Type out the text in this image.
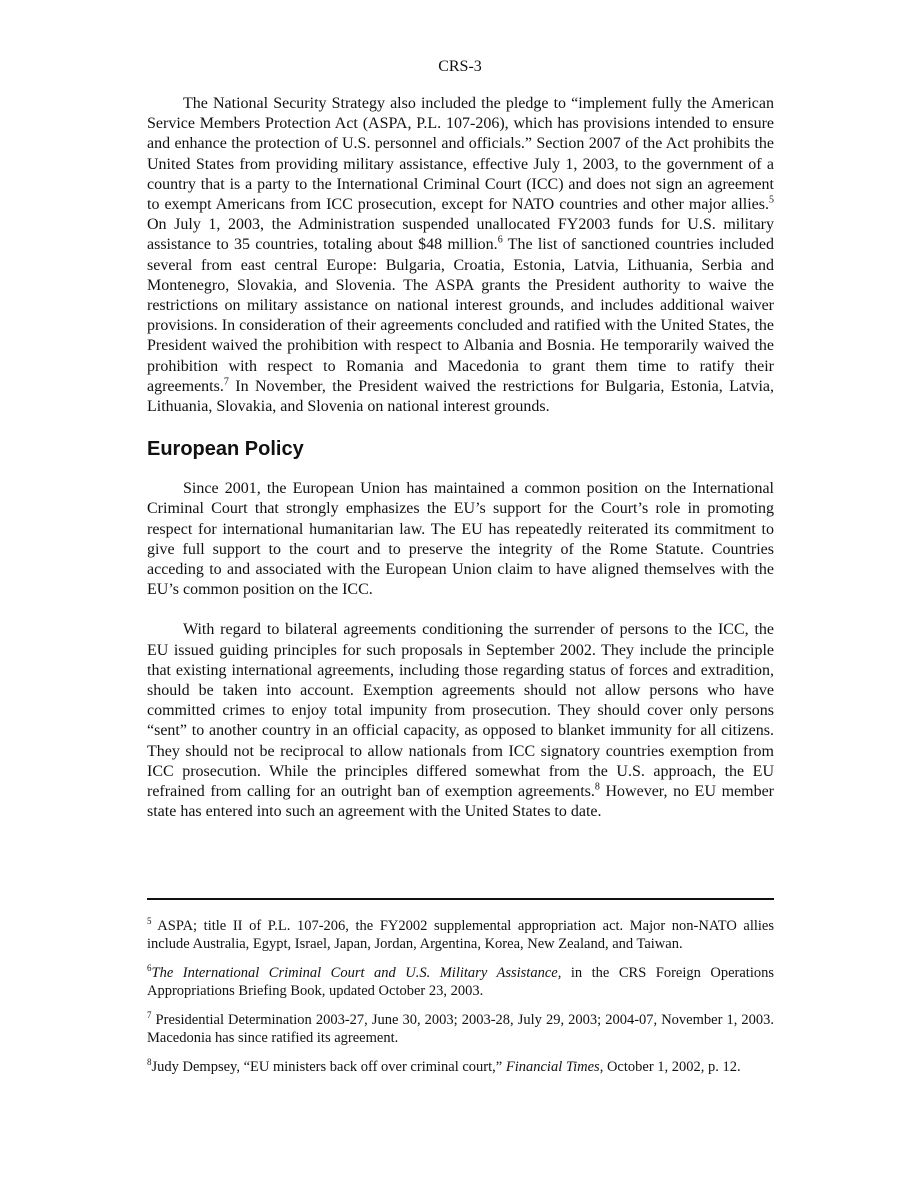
CRS-3

The National Security Strategy also included the pledge to “implement fully the American Service Members Protection Act (ASPA, P.L. 107-206), which has provisions intended to ensure and enhance the protection of U.S. personnel and officials.” Section 2007 of the Act prohibits the United States from providing military assistance, effective July 1, 2003, to the government of a country that is a party to the International Criminal Court (ICC) and does not sign an agreement to exempt Americans from ICC prosecution, except for NATO countries and other major allies.$^5$ On July 1, 2003, the Administration suspended unallocated FY2003 funds for U.S. military assistance to 35 countries, totaling about $48 million.$^6$ The list of sanctioned countries included several from east central Europe: Bulgaria, Croatia, Estonia, Latvia, Lithuania, Serbia and Montenegro, Slovakia, and Slovenia. The ASPA grants the President authority to waive the restrictions on military assistance on national interest grounds, and includes additional waiver provisions. In consideration of their agreements concluded and ratified with the United States, the President waived the prohibition with respect to Albania and Bosnia. He temporarily waived the prohibition with respect to Romania and Macedonia to grant them time to ratify their agreements.$^7$ In November, the President waived the restrictions for Bulgaria, Estonia, Latvia, Lithuania, Slovakia, and Slovenia on national interest grounds.

European Policy

Since 2001, the European Union has maintained a common position on the International Criminal Court that strongly emphasizes the EU’s support for the Court’s role in promoting respect for international humanitarian law. The EU has repeatedly reiterated its commitment to give full support to the court and to preserve the integrity of the Rome Statute. Countries acceding to and associated with the European Union claim to have aligned themselves with the EU’s common position on the ICC.

With regard to bilateral agreements conditioning the surrender of persons to the ICC, the EU issued guiding principles for such proposals in September 2002. They include the principle that existing international agreements, including those regarding status of forces and extradition, should be taken into account. Exemption agreements should not allow persons who have committed crimes to enjoy total impunity from prosecution. They should cover only persons “sent” to another country in an official capacity, as opposed to blanket immunity for all citizens. They should not be reciprocal to allow nationals from ICC signatory countries exemption from ICC prosecution. While the principles differed somewhat from the U.S. approach, the EU refrained from calling for an outright ban of exemption agreements.$^8$ However, no EU member state has entered into such an agreement with the United States to date.

$^5$ ASPA; title II of P.L. 107-206, the FY2002 supplemental appropriation act. Major non-NATO allies include Australia, Egypt, Israel, Japan, Jordan, Argentina, Korea, New Zealand, and Taiwan.

$^6$The International Criminal Court and U.S. Military Assistance, in the CRS Foreign Operations Appropriations Briefing Book, updated October 23, 2003.

$^7$ Presidential Determination 2003-27, June 30, 2003; 2003-28, July 29, 2003; 2004-07, November 1, 2003. Macedonia has since ratified its agreement.

$^8$Judy Dempsey, “EU ministers back off over criminal court,” Financial Times, October 1, 2002, p. 12.
